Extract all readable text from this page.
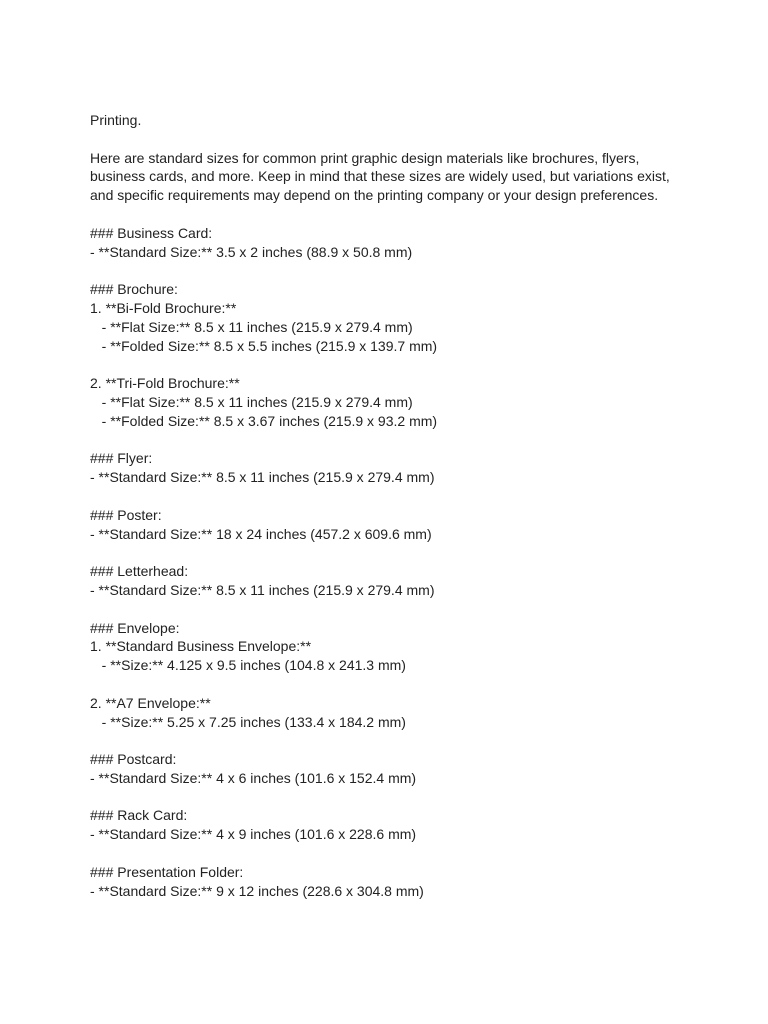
Printing.
Here are standard sizes for common print graphic design materials like brochures, flyers,
business cards, and more. Keep in mind that these sizes are widely used, but variations exist,
and specific requirements may depend on the printing company or your design preferences.
### Business Card:
- **Standard Size:** 3.5 x 2 inches (88.9 x 50.8 mm)
### Brochure:
1. **Bi-Fold Brochure:**
- **Flat Size:** 8.5 x 11 inches (215.9 x 279.4 mm)
- **Folded Size:** 8.5 x 5.5 inches (215.9 x 139.7 mm)
2. **Tri-Fold Brochure:**
- **Flat Size:** 8.5 x 11 inches (215.9 x 279.4 mm)
- **Folded Size:** 8.5 x 3.67 inches (215.9 x 93.2 mm)
### Flyer:
- **Standard Size:** 8.5 x 11 inches (215.9 x 279.4 mm)
### Poster:
- **Standard Size:** 18 x 24 inches (457.2 x 609.6 mm)
### Letterhead:
- **Standard Size:** 8.5 x 11 inches (215.9 x 279.4 mm)
### Envelope:
1. **Standard Business Envelope:**
- **Size:** 4.125 x 9.5 inches (104.8 x 241.3 mm)
2. **A7 Envelope:**
- **Size:** 5.25 x 7.25 inches (133.4 x 184.2 mm)
### Postcard:
- **Standard Size:** 4 x 6 inches (101.6 x 152.4 mm)
### Rack Card:
- **Standard Size:** 4 x 9 inches (101.6 x 228.6 mm)
### Presentation Folder:
- **Standard Size:** 9 x 12 inches (228.6 x 304.8 mm)
